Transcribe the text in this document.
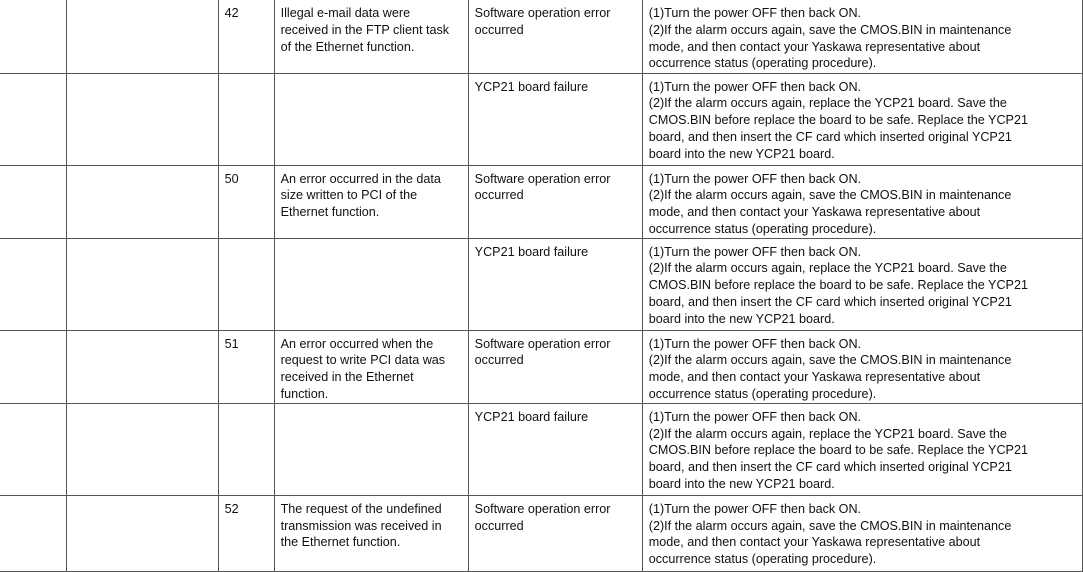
		42	Illegal e-mail data were
received in the FTP client task
of the Ethernet function.	Software operation error
occurred	(1)Turn the power OFF then back ON.
(2)If the alarm occurs again, save the CMOS.BIN in maintenance
mode, and then contact your Yaskawa representative about
occurrence status (operating procedure).

				YCP21 board failure	(1)Turn the power OFF then back ON.
(2)If the alarm occurs again, replace the YCP21 board. Save the
CMOS.BIN before replace the board to be safe. Replace the YCP21
board, and then insert the CF card which inserted original YCP21
board into the new YCP21 board.

		50	An error occurred in the data
size written to PCI of the
Ethernet function.	Software operation error
occurred	(1)Turn the power OFF then back ON.
(2)If the alarm occurs again, save the CMOS.BIN in maintenance
mode, and then contact your Yaskawa representative about
occurrence status (operating procedure).

				YCP21 board failure	(1)Turn the power OFF then back ON.
(2)If the alarm occurs again, replace the YCP21 board. Save the
CMOS.BIN before replace the board to be safe. Replace the YCP21
board, and then insert the CF card which inserted original YCP21
board into the new YCP21 board.

		51	An error occurred when the
request to write PCI data was
received in the Ethernet
function.	Software operation error
occurred	(1)Turn the power OFF then back ON.
(2)If the alarm occurs again, save the CMOS.BIN in maintenance
mode, and then contact your Yaskawa representative about
occurrence status (operating procedure).

				YCP21 board failure	(1)Turn the power OFF then back ON.
(2)If the alarm occurs again, replace the YCP21 board. Save the
CMOS.BIN before replace the board to be safe. Replace the YCP21
board, and then insert the CF card which inserted original YCP21
board into the new YCP21 board.

		52	The request of the undefined
transmission was received in
the Ethernet function.	Software operation error
occurred	(1)Turn the power OFF then back ON.
(2)If the alarm occurs again, save the CMOS.BIN in maintenance
mode, and then contact your Yaskawa representative about
occurrence status (operating procedure).
